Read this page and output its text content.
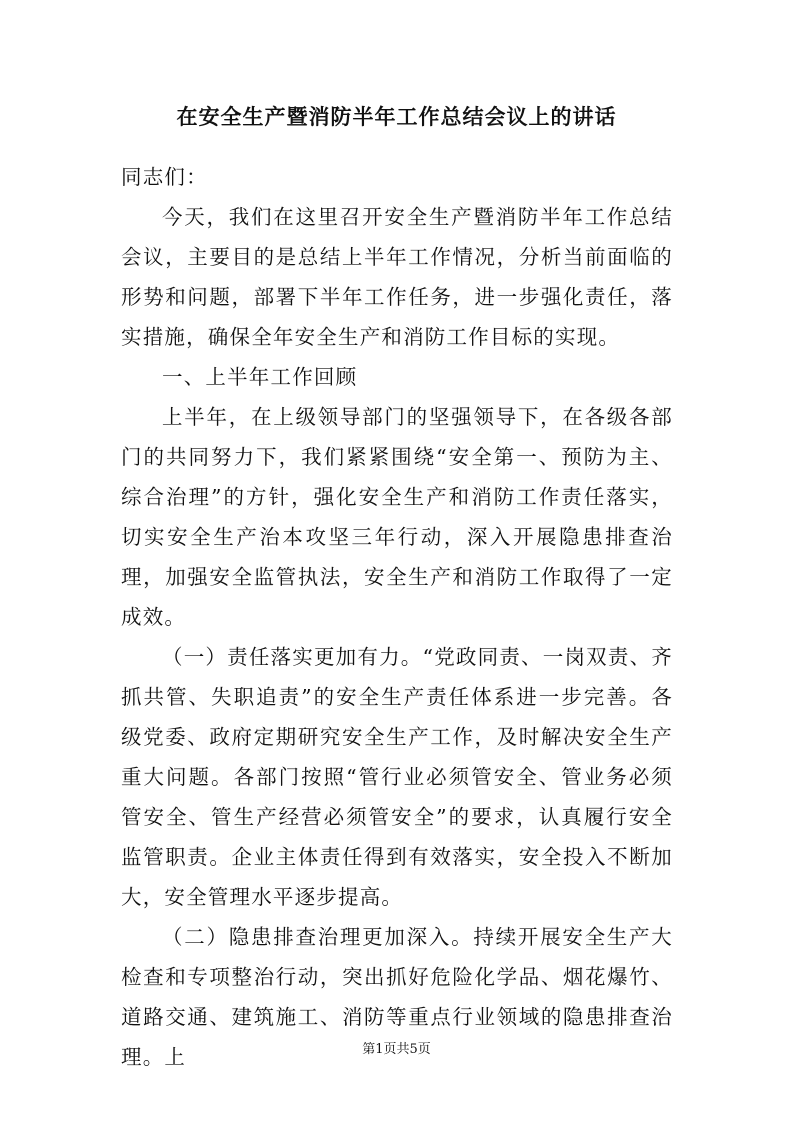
在安全生产暨消防半年工作总结会议上的讲话

同志们：

今天，我们在这里召开安全生产暨消防半年工作总结会议，主要目的是总结上半年工作情况，分析当前面临的形势和问题，部署下半年工作任务，进一步强化责任，落实措施，确保全年安全生产和消防工作目标的实现。

一、上半年工作回顾

上半年，在上级领导部门的坚强领导下，在各级各部门的共同努力下，我们紧紧围绕“安全第一、预防为主、综合治理”的方针，强化安全生产和消防工作责任落实，切实安全生产治本攻坚三年行动，深入开展隐患排查治理，加强安全监管执法，安全生产和消防工作取得了一定成效。

（一）责任落实更加有力。“党政同责、一岗双责、齐抓共管、失职追责”的安全生产责任体系进一步完善。各级党委、政府定期研究安全生产工作，及时解决安全生产重大问题。各部门按照“管行业必须管安全、管业务必须管安全、管生产经营必须管安全”的要求，认真履行安全监管职责。企业主体责任得到有效落实，安全投入不断加大，安全管理水平逐步提高。

（二）隐患排查治理更加深入。持续开展安全生产大检查和专项整治行动，突出抓好危险化学品、烟花爆竹、道路交通、建筑施工、消防等重点行业领域的隐患排查治理。上	第1页共5页
